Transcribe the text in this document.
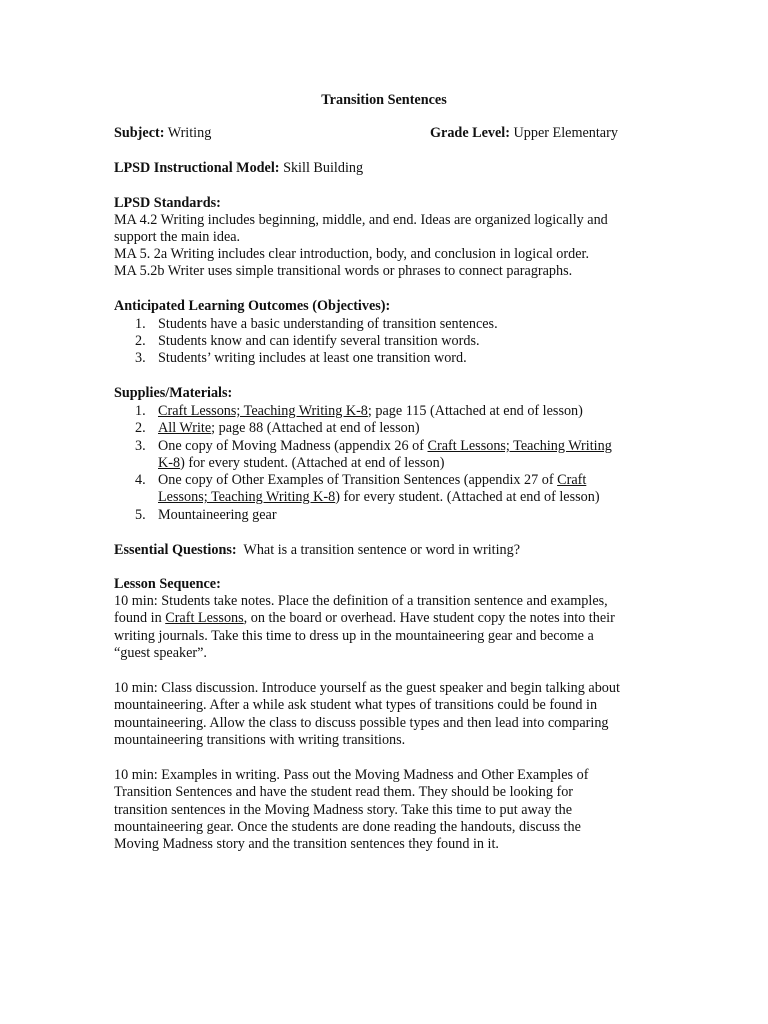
Transition Sentences
Subject: Writing	Grade Level: Upper Elementary
LPSD Instructional Model: Skill Building
LPSD Standards:
MA 4.2 Writing includes beginning, middle, and end. Ideas are organized logically and
support the main idea.
MA 5. 2a Writing includes clear introduction, body, and conclusion in logical order.
MA 5.2b Writer uses simple transitional words or phrases to connect paragraphs.
Anticipated Learning Outcomes (Objectives):
1. Students have a basic understanding of transition sentences.
2. Students know and can identify several transition words.
3. Students’ writing includes at least one transition word.
Supplies/Materials:
1. Craft Lessons; Teaching Writing K-8; page 115 (Attached at end of lesson)
2. All Write; page 88 (Attached at end of lesson)
3. One copy of Moving Madness (appendix 26 of Craft Lessons; Teaching Writing
K-8) for every student. (Attached at end of lesson)
4. One copy of Other Examples of Transition Sentences (appendix 27 of Craft
Lessons; Teaching Writing K-8) for every student. (Attached at end of lesson)
5. Mountaineering gear
Essential Questions:  What is a transition sentence or word in writing?
Lesson Sequence:
10 min: Students take notes. Place the definition of a transition sentence and examples,
found in Craft Lessons, on the board or overhead. Have student copy the notes into their
writing journals. Take this time to dress up in the mountaineering gear and become a
“guest speaker”.
10 min: Class discussion. Introduce yourself as the guest speaker and begin talking about
mountaineering. After a while ask student what types of transitions could be found in
mountaineering. Allow the class to discuss possible types and then lead into comparing
mountaineering transitions with writing transitions.
10 min: Examples in writing. Pass out the Moving Madness and Other Examples of
Transition Sentences and have the student read them. They should be looking for
transition sentences in the Moving Madness story. Take this time to put away the
mountaineering gear. Once the students are done reading the handouts, discuss the
Moving Madness story and the transition sentences they found in it.
